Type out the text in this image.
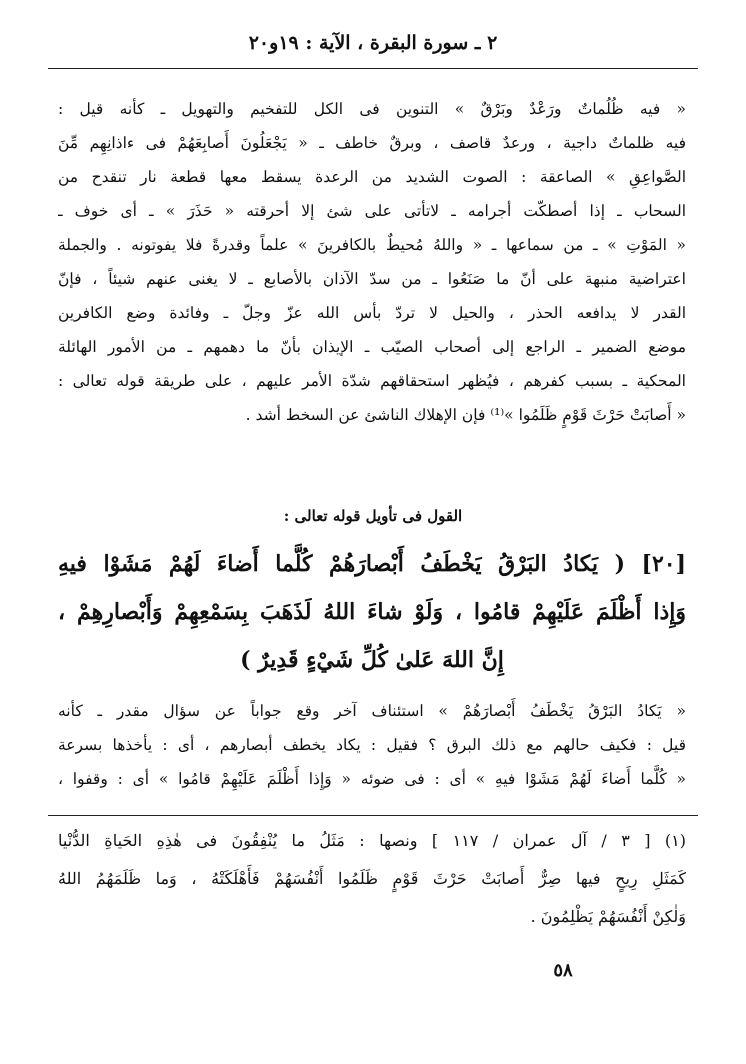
٢ ـ سورة البقرة ، الآية : ١٩و٢٠
« فيه ظُلُماتٌ ورَعْدٌ وبَرْقٌ » التنوين فى الكل للتفخيم والتهويل ـ كأنه قيل :
فيه ظلماتٌ داجية ، ورعدٌ قاصف ، وبرقٌ خاطف ـ « يَجْعَلُونَ أَصابِعَهُمْ فى ءاذانِهِم مِّنَ
الصَّواعِقِ » الصاعقة : الصوت الشديد من الرعدة يسقط معها قطعة نار تنقدح من
السحاب ـ إذا أصطكّت أجرامه ـ لاتأتى على شئ إلا أحرقته « حَذَرَ » ـ أى خوف ـ
« المَوْتِ » ـ من سماعها ـ « واللهُ مُحيطٌ بالكافرينَ » علماً وقدرةً فلا يفوتونه . والجملة
اعتراضية منبهة على أنّ ما صَنَعُوا ـ من سدّ الآذان بالأصابع ـ لا يغنى عنهم شيئاً ، فإنّ
القدر لا يدافعه الحذر ، والحيل لا تردّ بأس الله عزّ وجلّ ـ وفائدة وضع الكافرين
موضع الضمير ـ الراجع إلى أصحاب الصيّب ـ الإيذان بأنّ ما دهمهم ـ من الأمور الهائلة
المحكية ـ بسبب كفرهم ، فيُظهر استحقاقهم شدّة الأمر عليهم ، على طريقة قوله تعالى :
« أَصابَتْ حَرْثَ قَوْمٍ ظَلَمُوا »⁽¹⁾ فإن الإهلاك الناشئ عن السخط أشد .
القول فى تأويل قوله تعالى :
[٢٠] ( يَكادُ البَرْقُ يَخْطَفُ أَبْصارَهُمْ كُلَّما أَضاءَ لَهُمْ مَشَوْا فيهِ
وَإِذا أَظْلَمَ عَلَيْهِمْ قامُوا ، وَلَوْ شاءَ اللهُ لَذَهَبَ بِسَمْعِهِمْ وَأَبْصارِهِمْ ،
إِنَّ اللهَ عَلىٰ كُلِّ شَيْءٍ قَدِيرٌ )
« يَكادُ البَرْقُ يَخْطَفُ أَبْصارَهُمْ » استئناف آخر وقع جواباً عن سؤال مقدر ـ كأنه
قيل : فكيف حالهم مع ذلك البرق ؟ فقيل : يكاد يخطف أبصارهم ، أى : يأخذها بسرعة
« كُلَّما أَضاءَ لَهُمْ مَشَوْا فيهِ » أى : فى ضوئه « وَإِذا أَظْلَمَ عَلَيْهِمْ قامُوا » أى : وقفوا ،
(١) [ ٣ / آل عمران / ١١٧ ] ونصها : مَثَلُ ما يُنْفِقُونَ فى هٰذِهِ الحَياةِ الدُّنْيا
كَمَثَلِ رِيحٍ فيها صِرٌّ أَصابَتْ حَرْثَ قَوْمٍ ظَلَمُوا أَنْفُسَهُمْ فَأَهْلَكَتْهُ ، وَما ظَلَمَهُمُ اللهُ
وَلٰكِنْ أَنْفُسَهُمْ يَظْلِمُونَ .
٥٨
